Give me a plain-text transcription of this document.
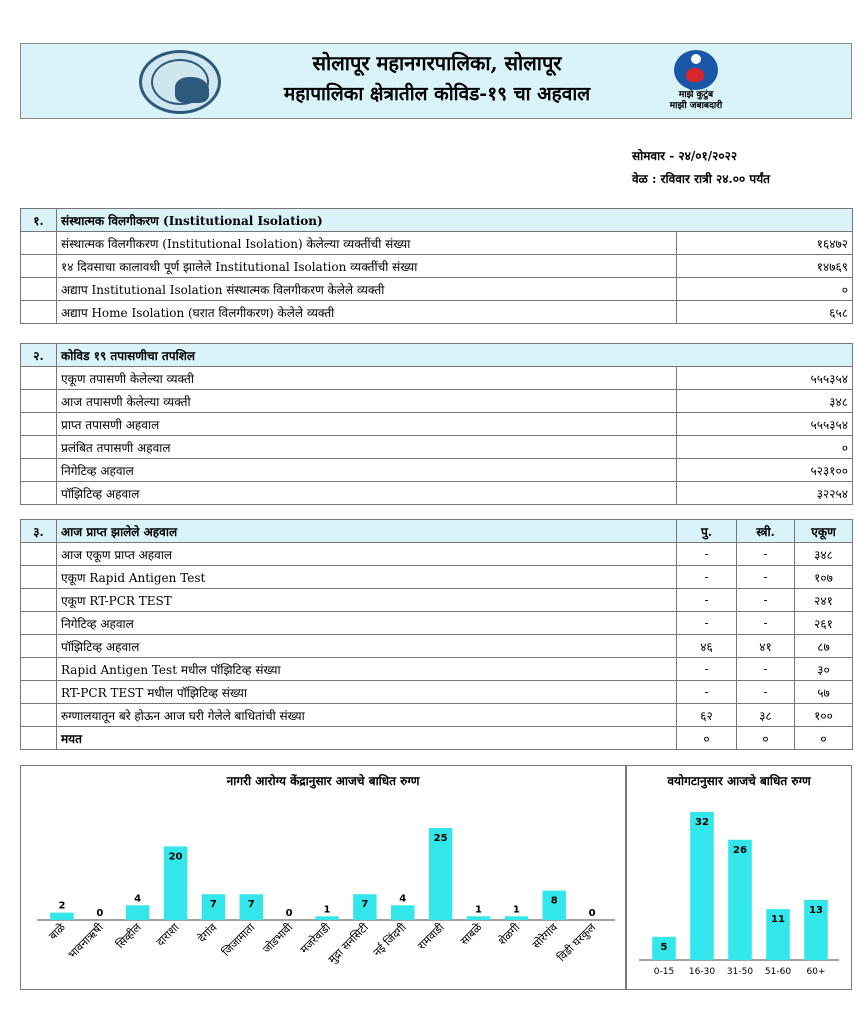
सोलापूर महानगरपालिका, सोलापूर
महापालिका क्षेत्रातील कोविड-१९ चा अहवाल	माझे कुटुंब
माझी जबाबदारी
सोमवार - २४/०१/२०२२
वेळ : रविवार रात्री २४.०० पर्यंत
१.	संस्थात्मक विलगीकरण (Institutional Isolation)	
	संस्थात्मक विलगीकरण (Institutional Isolation) केलेल्या व्यक्तींची संख्या	१६४७२
	१४ दिवसाचा कालावधी पूर्ण झालेले Institutional Isolation व्यक्तींची संख्या	१४७६९
	अद्याप Institutional Isolation संस्थात्मक विलगीकरण केलेले व्यक्ती	०
	अद्याप Home Isolation (घरात विलगीकरण) केलेले व्यक्ती	६५८
२.	कोविड १९ तपासणीचा तपशिल	
	एकूण तपासणी केलेल्या व्यक्ती	५५५३५४
	आज तपासणी केलेल्या व्यक्ती	३४८
	प्राप्त तपासणी अहवाल	५५५३५४
	प्रलंबित तपासणी अहवाल	०
	निगेटिव्ह अहवाल	५२३१००
	पॉझिटिव्ह अहवाल	३२२५४
३.	आज प्राप्त झालेले अहवाल	पु.	स्त्री.	एकूण
	आज एकूण प्राप्त अहवाल	-	-	३४८
	एकूण Rapid Antigen Test	-	-	१०७
	एकूण RT-PCR TEST	-	-	२४१
	निगेटिव्ह अहवाल	-	-	२६१
	पॉझिटिव्ह अहवाल	४६	४१	८७
	Rapid Antigen Test मधील पॉझिटिव्ह संख्या	-	-	३०
	RT-PCR TEST मधील पॉझिटिव्ह संख्या	-	-	५७
	रुग्णालयातून बरे होऊन आज घरी गेलेले बाधितांची संख्या	६२	३८	१००
	मयत	०	०	०
नागरी आरोग्य केंद्रानुसार आजचे बाधित रुग्ण
2
बाळे
0
भावनाऋषी
4
सिव्हील
20
दाराशा
7
देगांव
7
जिजामाता
0
जोडभावी
1
मजरेवाडी
7
मुद्रा सनसिटी
4
नई जिंदगी
25
रामवाडी
1
साबळे
1
शेळगी
8
सोरेगांव
0
विडी घरकुल
वयोगटानुसार आजचे बाधित रुग्ण
5
0-15
32
16-30
26
31-50
11
51-60
13
60+
